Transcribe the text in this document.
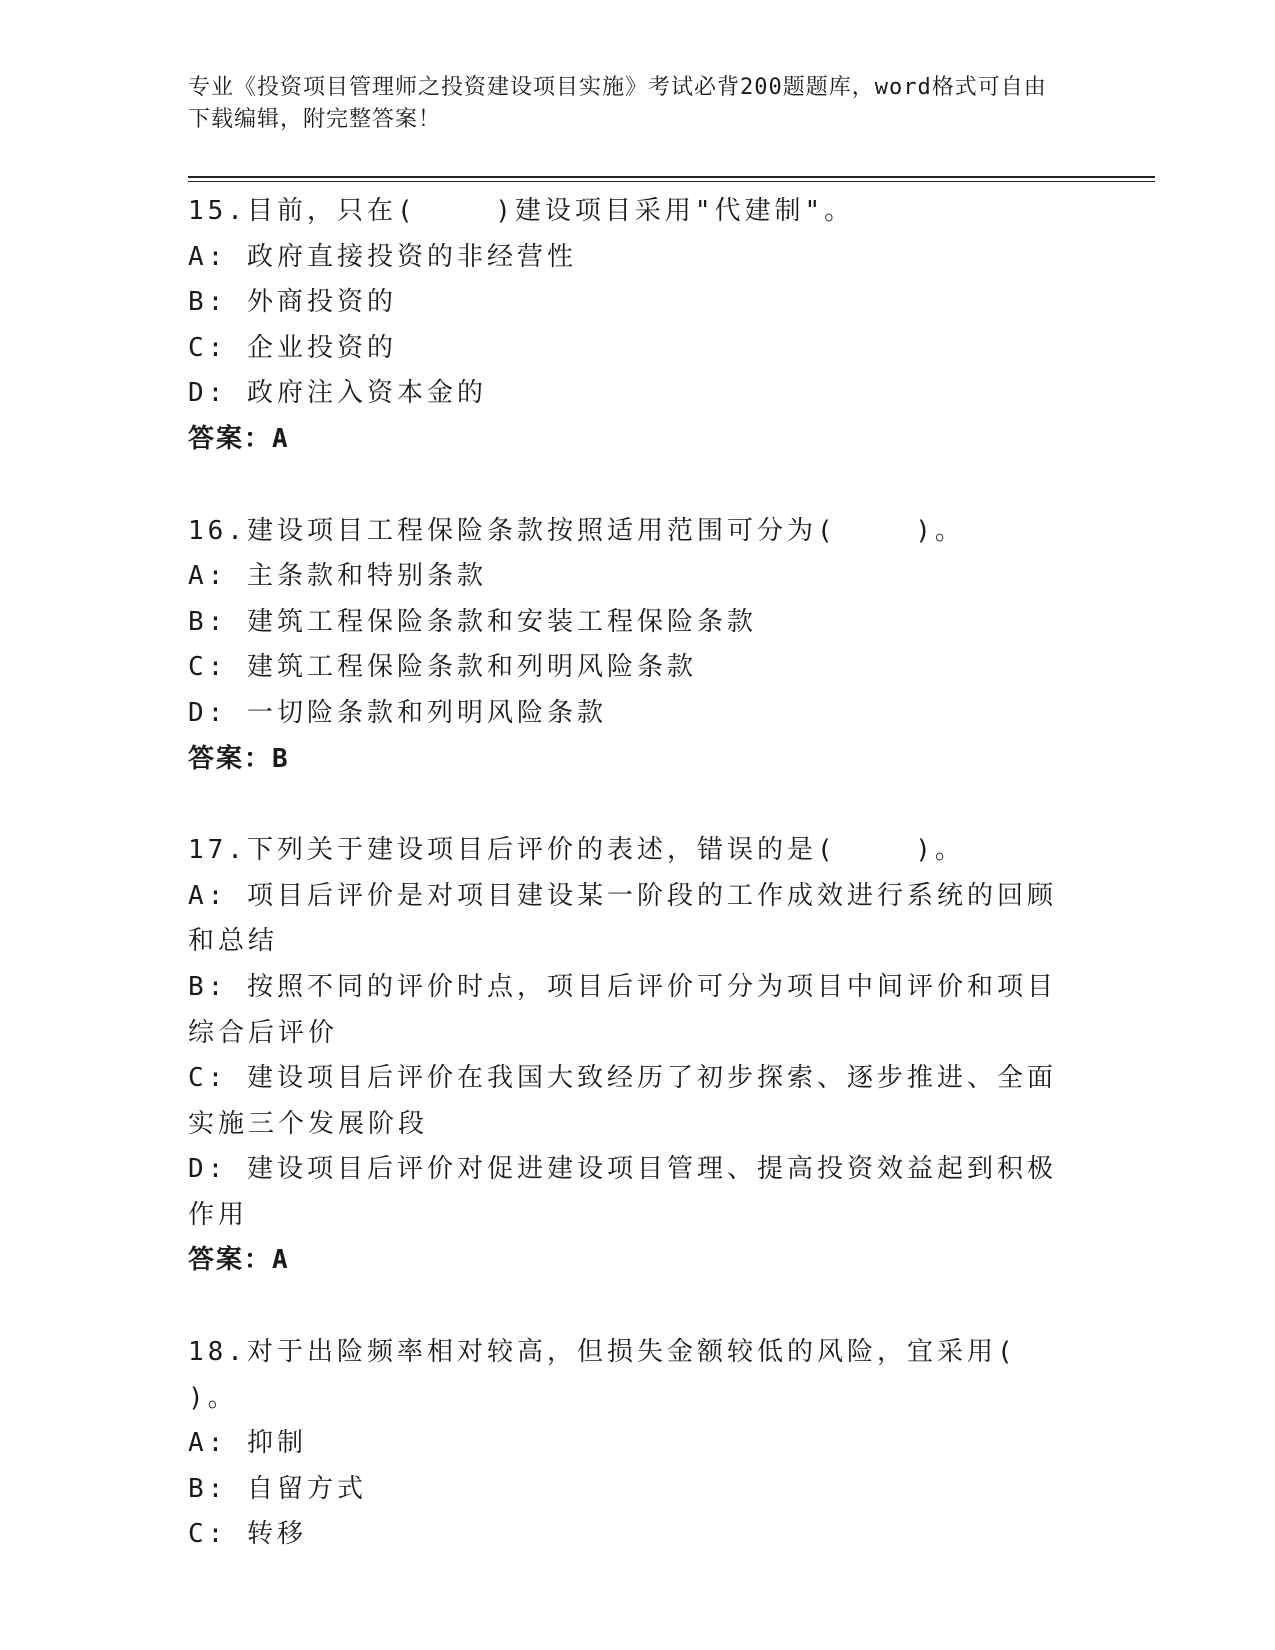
专业《投资项目管理师之投资建设项目实施》考试必背200题题库，word格式可自由下载编辑，附完整答案！

15.目前，只在(    )建设项目采用"代建制"。

A: 政府直接投资的非经营性

B: 外商投资的

C: 企业投资的

D: 政府注入资本金的

答案：A

16.建设项目工程保险条款按照适用范围可分为(    )。

A: 主条款和特别条款

B: 建筑工程保险条款和安装工程保险条款

C: 建筑工程保险条款和列明风险条款

D: 一切险条款和列明风险条款

答案：B

17.下列关于建设项目后评价的表述，错误的是(    )。

A: 项目后评价是对项目建设某一阶段的工作成效进行系统的回顾和总结

B: 按照不同的评价时点，项目后评价可分为项目中间评价和项目综合后评价

C: 建设项目后评价在我国大致经历了初步探索、逐步推进、全面实施三个发展阶段

D: 建设项目后评价对促进建设项目管理、提高投资效益起到积极作用

答案：A

18.对于出险频率相对较高，但损失金额较低的风险，宜采用(    )。

A: 抑制

B: 自留方式

C: 转移
